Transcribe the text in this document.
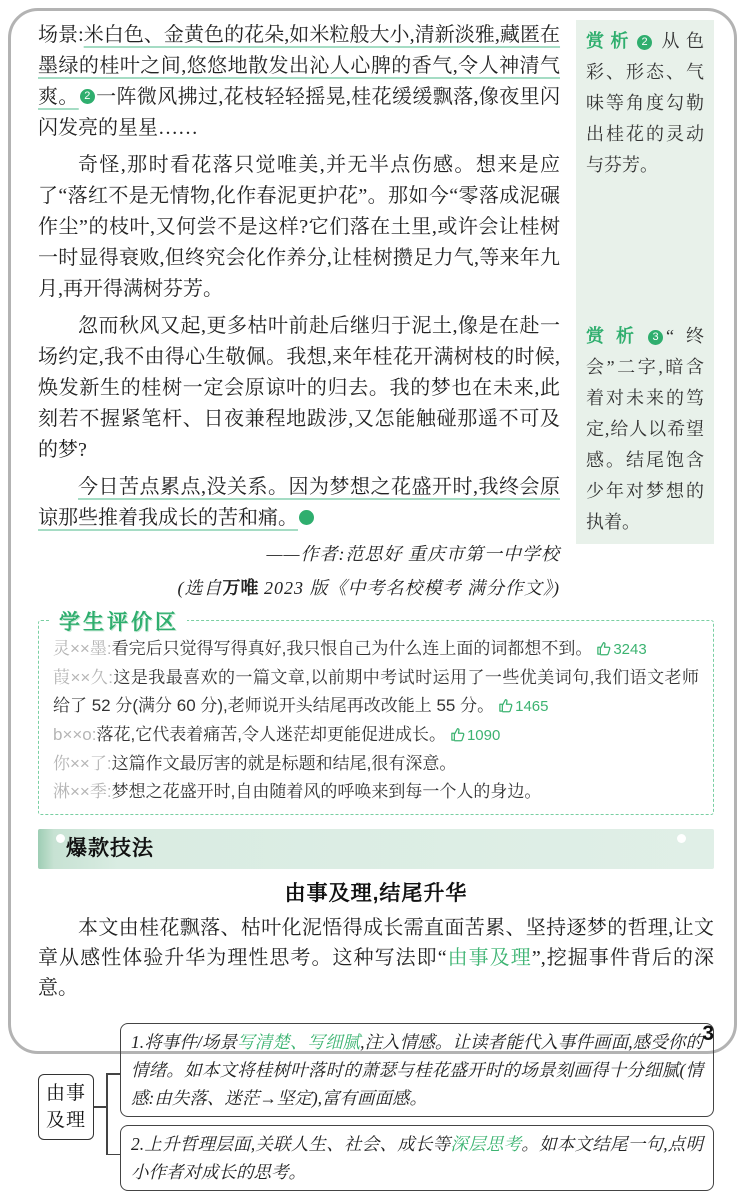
场景:米白色、金黄色的花朵,如米粒般大小,清新淡雅,藏匿在墨绿的桂叶之间,悠悠地散发出沁人心脾的香气,令人神清气爽。 2 一阵微风拂过,花枝轻轻摇晃,桂花缓缓飘落,像夜里闪闪发亮的星星……

奇怪,那时看花落只觉唯美,并无半点伤感。想来是应了“落红不是无情物,化作春泥更护花”。那如今“零落成泥碾作尘”的枝叶,又何尝不是这样?它们落在土里,或许会让桂树一时显得衰败,但终究会化作养分,让桂树攒足力气,等来年九月,再开得满树芬芳。

忽而秋风又起,更多枯叶前赴后继归于泥土,像是在赴一场约定,我不由得心生敬佩。我想,来年桂花开满树枝的时候,焕发新生的桂树一定会原谅叶的归去。我的梦也在未来,此刻若不握紧笔杆、日夜兼程地跋涉,又怎能触碰那遥不可及的梦?

今日苦点累点,没关系。因为梦想之花盛开时,我终会原谅那些推着我成长的苦和痛。	3

——作者:范思好 重庆市第一中学校
(选自万唯 2023 版《中考名校模考 满分作文》)
赏析 2 从色彩、形态、气味等角度勾勒出桂花的灵动与芬芳。
赏析 3 “终会”二字,暗含着对未来的笃定,给人以希望感。结尾饱含少年对梦想的执着。
学生评价区

灵××墨:看完后只觉得写得真好,我只恨自己为什么连上面的词都想不到。 3243

葭××久:这是我最喜欢的一篇文章,以前期中考试时运用了一些优美词句,我们语文老师给了 52 分(满分 60 分),老师说开头结尾再改改能上 55 分。 1465

b××o:落花,它代表着痛苦,令人迷茫却更能促进成长。 1090

你××了:这篇作文最厉害的就是标题和结尾,很有深意。

淋××季:梦想之花盛开时,自由随着风的呼唤来到每一个人的身边。

爆款技法
由事及理,结尾升华

本文由桂花飘落、枯叶化泥悟得成长需直面苦累、坚持逐梦的哲理,让文章从感性体验升华为理性思考。这种写法即“由事及理”,挖掘事件背后的深意。

由事
及理
1.将事件/场景写清楚、写细腻,注入情感。让读者能代入事件画面,感受你的情绪。如本文将桂树叶落时的萧瑟与桂花盛开时的场景刻画得十分细腻(情感:由失落、迷茫→坚定),富有画面感。
2.上升哲理层面,关联人生、社会、成长等深层思考。如本文结尾一句,点明小作者对成长的思考。
3
